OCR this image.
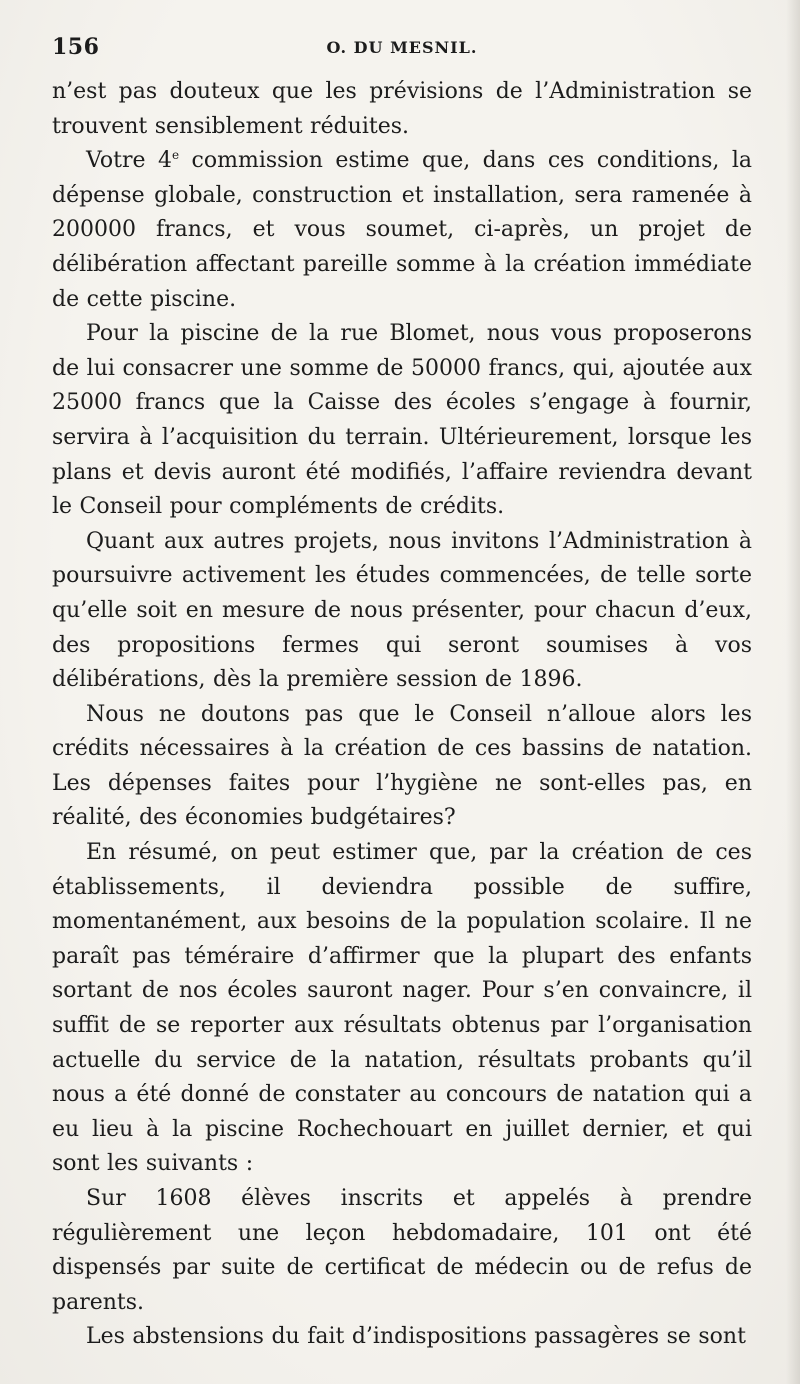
156	O. DU MESNIL.

n’est pas douteux que les prévisions de l’Administration se trouvent sensiblement réduites.

Votre 4e commission estime que, dans ces conditions, la dépense globale, construction et installation, sera ramenée à 200000 francs, et vous soumet, ci-après, un projet de délibération affectant pareille somme à la création immédiate de cette piscine.

Pour la piscine de la rue Blomet, nous vous proposerons de lui consacrer une somme de 50000 francs, qui, ajoutée aux 25000 francs que la Caisse des écoles s’engage à fournir, servira à l’acquisition du terrain. Ultérieurement, lorsque les plans et devis auront été modifiés, l’affaire reviendra devant le Conseil pour compléments de crédits.

Quant aux autres projets, nous invitons l’Administration à poursuivre activement les études commencées, de telle sorte qu’elle soit en mesure de nous présenter, pour chacun d’eux, des propositions fermes qui seront soumises à vos délibérations, dès la première session de 1896.

Nous ne doutons pas que le Conseil n’alloue alors les crédits nécessaires à la création de ces bassins de natation. Les dépenses faites pour l’hygiène ne sont-elles pas, en réalité, des économies budgétaires?

En résumé, on peut estimer que, par la création de ces établissements, il deviendra possible de suffire, momentanément, aux besoins de la population scolaire. Il ne paraît pas téméraire d’affirmer que la plupart des enfants sortant de nos écoles sauront nager. Pour s’en convaincre, il suffit de se reporter aux résultats obtenus par l’organisation actuelle du service de la natation, résultats probants qu’il nous a été donné de constater au concours de natation qui a eu lieu à la piscine Rochechouart en juillet dernier, et qui sont les suivants :

Sur 1608 élèves inscrits et appelés à prendre régulièrement une leçon hebdomadaire, 101 ont été dispensés par suite de certificat de médecin ou de refus de parents.

Les abstensions du fait d’indispositions passagères se sont
